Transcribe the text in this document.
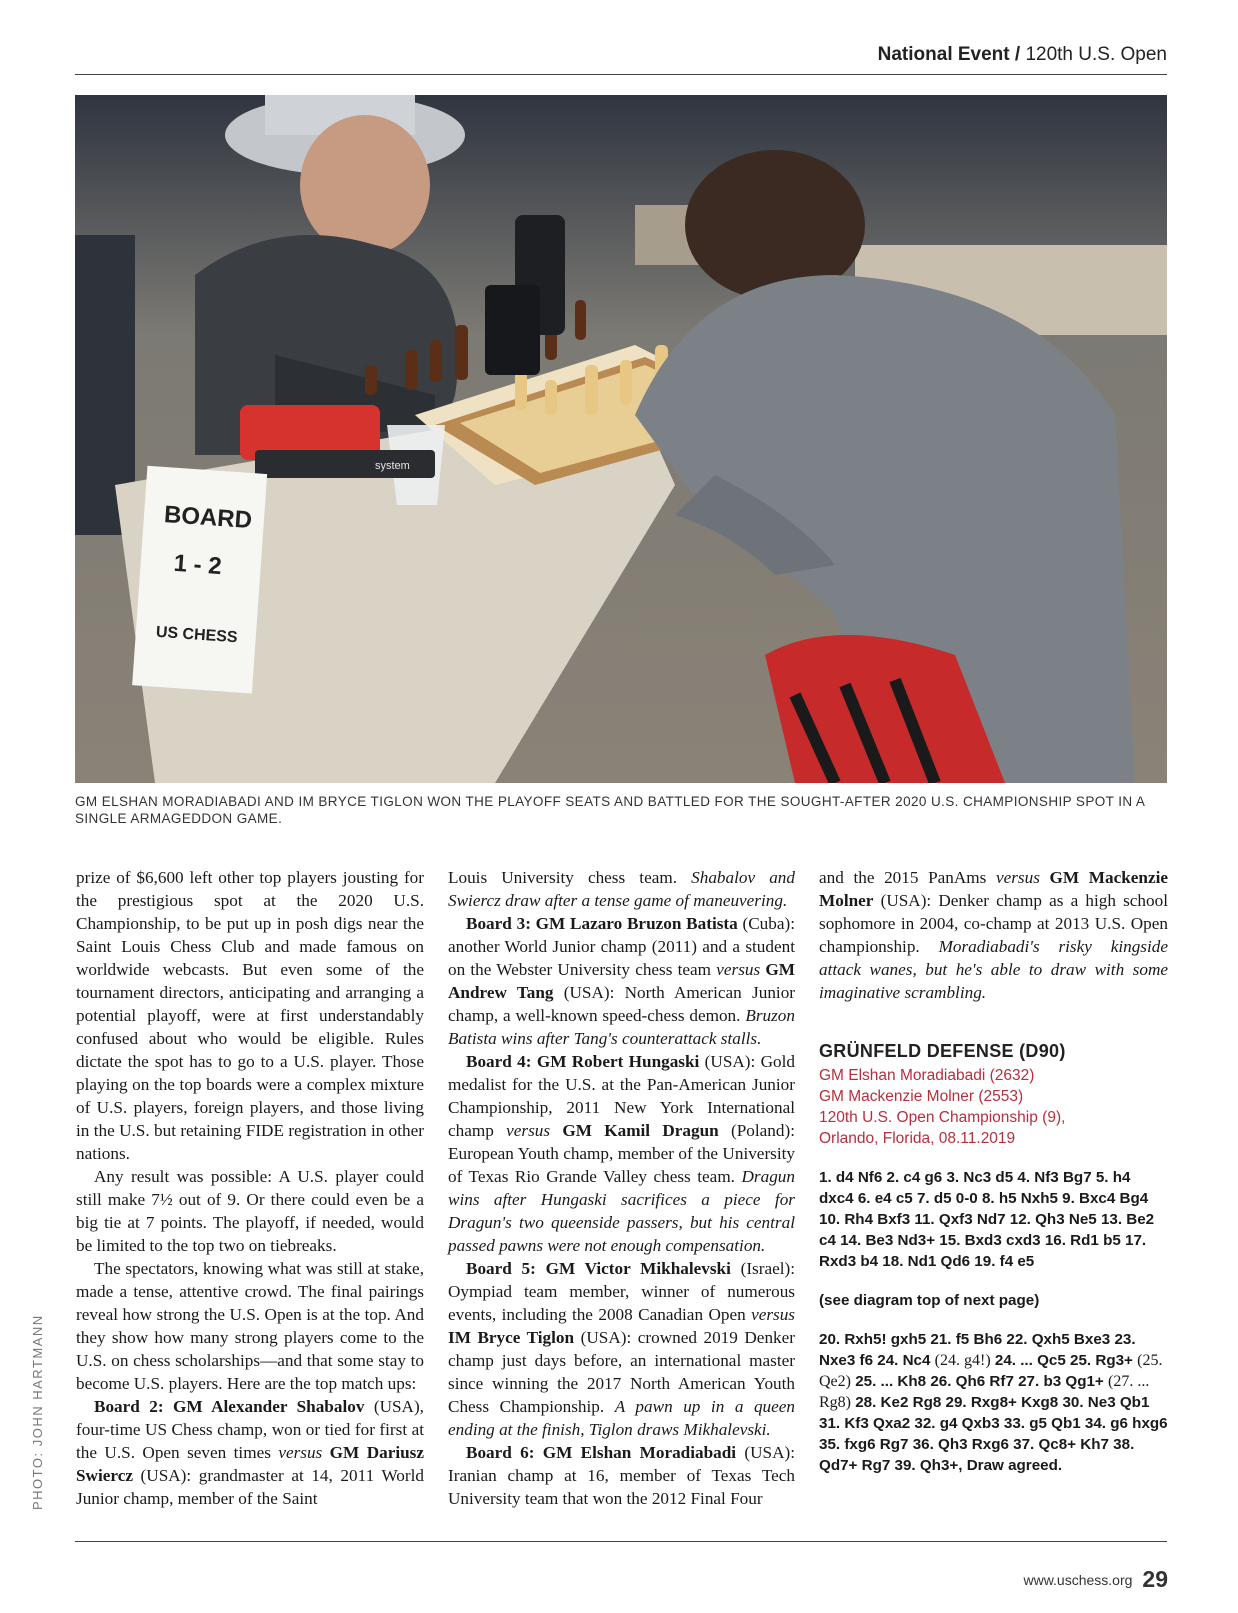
National Event / 120th U.S. Open
system
BOARD
1 - 2
US CHESS
GM ELSHAN MORADIABADI AND IM BRYCE TIGLON WON THE PLAYOFF SEATS AND BATTLED FOR THE SOUGHT-AFTER 2020 U.S. CHAMPIONSHIP SPOT IN A SINGLE ARMAGEDDON GAME.
PHOTO: JOHN HARTMANN

prize of $6,600 left other top players jousting for the prestigious spot at the 2020 U.S. Championship, to be put up in posh digs near the Saint Louis Chess Club and made famous on worldwide webcasts. But even some of the tournament directors, anticipating and arranging a potential playoff, were at first understandably confused about who would be eligible. Rules dictate the spot has to go to a U.S. player. Those playing on the top boards were a complex mixture of U.S. players, foreign players, and those living in the U.S. but retaining FIDE registration in other nations.

Any result was possible: A U.S. player could still make 7½ out of 9. Or there could even be a big tie at 7 points. The playoff, if needed, would be limited to the top two on tiebreaks.

The spectators, knowing what was still at stake, made a tense, attentive crowd. The final pairings reveal how strong the U.S. Open is at the top. And they show how many strong players come to the U.S. on chess scholarships—and that some stay to become U.S. players. Here are the top match ups:

Board 2: GM Alexander Shabalov (USA), four-time US Chess champ, won or tied for first at the U.S. Open seven times versus GM Dariusz Swiercz (USA): grandmaster at 14, 2011 World Junior champ, member of the Saint

Louis University chess team. Shabalov and Swiercz draw after a tense game of maneuvering.

Board 3: GM Lazaro Bruzon Batista (Cuba): another World Junior champ (2011) and a student on the Webster University chess team versus GM Andrew Tang (USA): North American Junior champ, a well-known speed-chess demon. Bruzon Batista wins after Tang's counterattack stalls.

Board 4: GM Robert Hungaski (USA): Gold medalist for the U.S. at the Pan-American Junior Championship, 2011 New York International champ versus GM Kamil Dragun (Poland): European Youth champ, member of the University of Texas Rio Grande Valley chess team. Dragun wins after Hungaski sacrifices a piece for Dragun's two queenside passers, but his central passed pawns were not enough compensation.

Board 5: GM Victor Mikhalevski (Israel): Oympiad team member, winner of numerous events, including the 2008 Canadian Open versus IM Bryce Tiglon (USA): crowned 2019 Denker champ just days before, an international master since winning the 2017 North American Youth Chess Championship. A pawn up in a queen ending at the finish, Tiglon draws Mikhalevski.

Board 6: GM Elshan Moradiabadi (USA): Iranian champ at 16, member of Texas Tech University team that won the 2012 Final Four

and the 2015 PanAms versus GM Mackenzie Molner (USA): Denker champ as a high school sophomore in 2004, co-champ at 2013 U.S. Open championship. Moradiabadi's risky kingside attack wanes, but he's able to draw with some imaginative scrambling.

GRÜNFELD DEFENSE (D90)
GM Elshan Moradiabadi (2632)
GM Mackenzie Molner (2553)
120th U.S. Open Championship (9),
Orlando, Florida, 08.11.2019
1. d4 Nf6 2. c4 g6 3. Nc3 d5 4. Nf3 Bg7 5. h4 dxc4 6. e4 c5 7. d5 0-0 8. h5 Nxh5 9. Bxc4 Bg4 10. Rh4 Bxf3 11. Qxf3 Nd7 12. Qh3 Ne5 13. Be2 c4 14. Be3 Nd3+ 15. Bxd3 cxd3 16. Rd1 b5 17. Rxd3 b4 18. Nd1 Qd6 19. f4 e5
(see diagram top of next page)
20. Rxh5! gxh5 21. f5 Bh6 22. Qxh5 Bxe3 23. Nxe3 f6 24. Nc4 (24. g4!) 24. ... Qc5 25. Rg3+ (25. Qe2) 25. ... Kh8 26. Qh6 Rf7 27. b3 Qg1+ (27. ... Rg8) 28. Ke2 Rg8 29. Rxg8+ Kxg8 30. Ne3 Qb1 31. Kf3 Qxa2 32. g4 Qxb3 33. g5 Qb1 34. g6 hxg6 35. fxg6 Rg7 36. Qh3 Rxg6 37. Qc8+ Kh7 38. Qd7+ Rg7 39. Qh3+, Draw agreed.
www.uschess.org 29
